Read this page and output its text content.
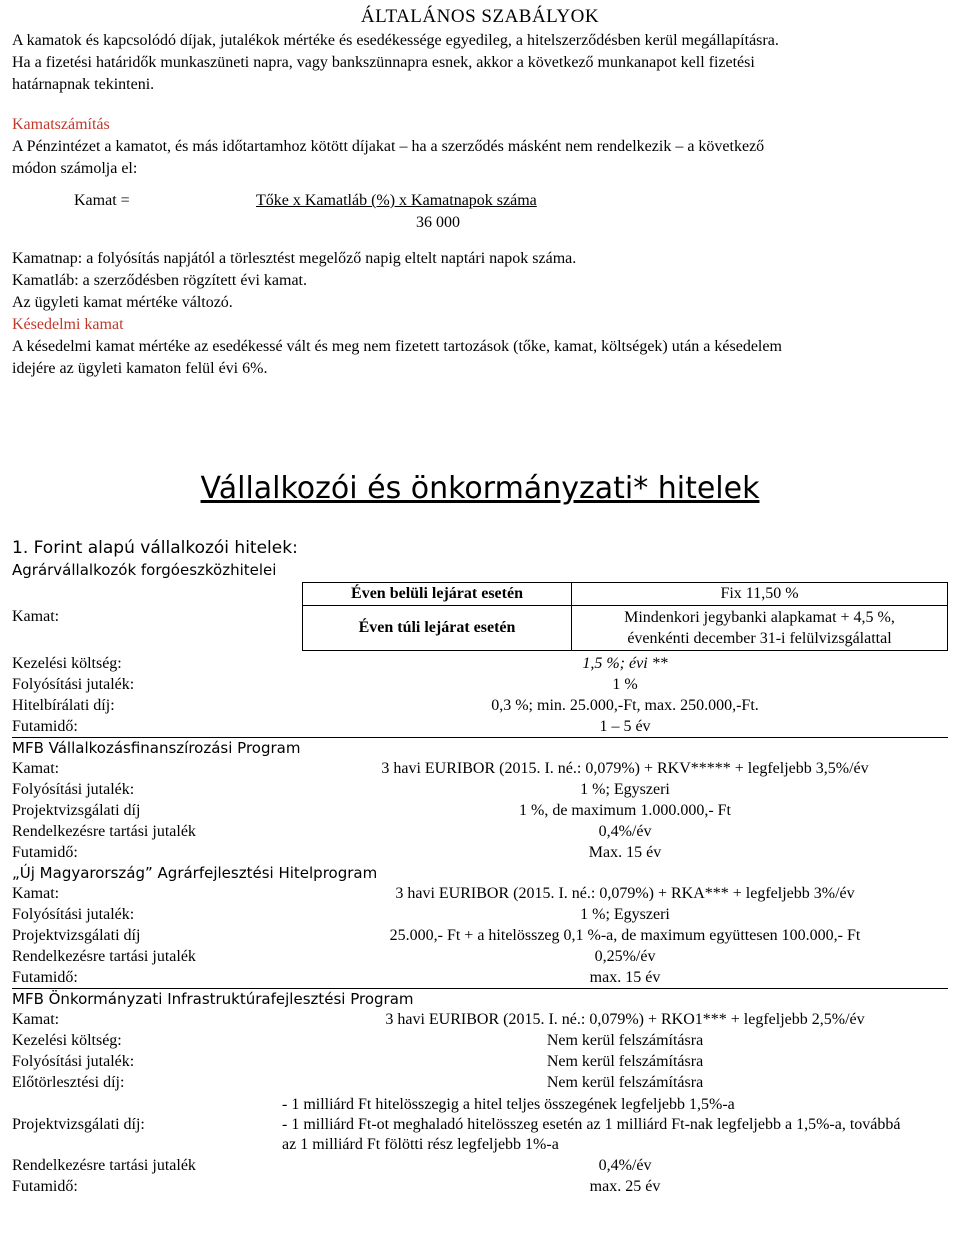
ÁLTALÁNOS SZABÁLYOK

A kamatok és kapcsolódó díjak, jutalékok mértéke és esedékessége egyedileg, a hitelszerződésben kerül megállapításra.

Ha a fizetési határidők munkaszüneti napra, vagy bankszünnapra esnek, akkor a következő munkanapot kell fizetési

határnapnak tekinteni.

Kamatszámítás

A Pénzintézet a kamatot, és más időtartamhoz kötött díjakat – ha a szerződés másként nem rendelkezik – a következő

módon számolja el:

Kamat =	Tőke x Kamatláb (%) x Kamatnapok száma
36 000

Kamatnap: a folyósítás napjától a törlesztést megelőző napig eltelt naptári napok száma.

Kamatláb: a szerződésben rögzített évi kamat.

Az ügyleti kamat mértéke változó.

Késedelmi kamat

A késedelmi kamat mértéke az esedékessé vált és meg nem fizetett tartozások (tőke, kamat, költségek) után a késedelem

idejére az ügyleti kamaton felül évi 6%.

Vállalkozói és önkormányzati* hitelek
1. Forint alapú vállalkozói hitelek:
Agrárvállalkozók forgóeszközhitelei
Kamat:	Éven belüli lejárat esetén	Fix 11,50 %
	Éven túli lejárat esetén	Mindenkori jegybanki alapkamat + 4,5 %,
évenkénti december 31-i felülvizsgálattal
Kezelési költség:	1,5 %; évi **
Folyósítási jutalék:	1 %
Hitelbírálati díj:	0,3 %; min. 25.000,-Ft, max. 250.000,-Ft.
Futamidő:	1 – 5 év
MFB Vállalkozásfinanszírozási Program
Kamat:	3 havi EURIBOR (2015. I. né.: 0,079%) + RKV***** + legfeljebb 3,5%/év
Folyósítási jutalék:	1 %; Egyszeri
Projektvizsgálati díj	1 %, de maximum 1.000.000,- Ft
Rendelkezésre tartási jutalék	0,4%/év
Futamidő:	Max. 15 év
„Új Magyarország” Agrárfejlesztési Hitelprogram
Kamat:	3 havi EURIBOR (2015. I. né.: 0,079%) + RKA*** + legfeljebb 3%/év
Folyósítási jutalék:	1 %; Egyszeri
Projektvizsgálati díj	25.000,- Ft + a hitelösszeg 0,1 %-a, de maximum együttesen 100.000,- Ft
Rendelkezésre tartási jutalék	0,25%/év
Futamidő:	max. 15 év
MFB Önkormányzati Infrastruktúrafejlesztési Program
Kamat:	3 havi EURIBOR (2015. I. né.: 0,079%) + RKO1*** + legfeljebb 2,5%/év
Kezelési költség:	Nem kerül felszámításra
Folyósítási jutalék:	Nem kerül felszámításra
Előtörlesztési díj:	Nem kerül felszámításra
Projektvizsgálati díj:
- 1 milliárd Ft hitelösszegig a hitel teljes összegének legfeljebb 1,5%-a
- 1 milliárd Ft-ot meghaladó hitelösszeg esetén az 1 milliárd Ft-nak legfeljebb a 1,5%-a, továbbá
az 1 milliárd Ft fölötti rész legfeljebb 1%-a
Rendelkezésre tartási jutalék	0,4%/év
Futamidő:	max. 25 év
